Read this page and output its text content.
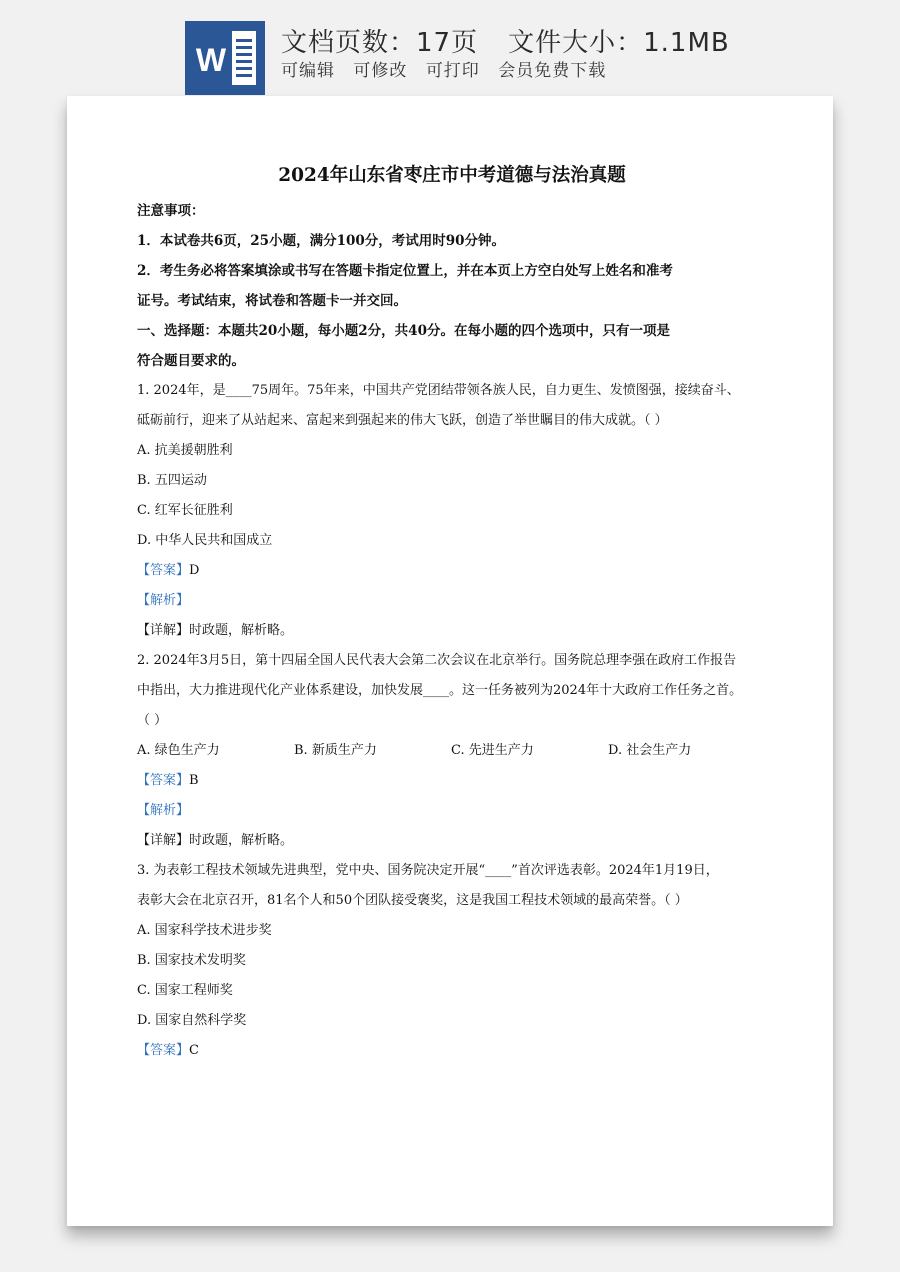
W 文档页数：17页 文件大小：1.1MB
可编辑 可修改 可打印 会员免费下载
2024年山东省枣庄市中考道德与法治真题
注意事项：
1．本试卷共6页，25小题，满分100分，考试用时90分钟。
2．考生务必将答案填涂或书写在答题卡指定位置上，并在本页上方空白处写上姓名和准考
证号。考试结束，将试卷和答题卡一并交回。
一、选择题：本题共20小题，每小题2分，共40分。在每小题的四个选项中，只有一项是
符合题目要求的。
1. 2024年，是____75周年。75年来，中国共产党团结带领各族人民，自力更生、发愤图强，接续奋斗、
砥砺前行，迎来了从站起来、富起来到强起来的伟大飞跃，创造了举世瞩目的伟大成就。（ ）
A. 抗美援朝胜利
B. 五四运动
C. 红军长征胜利
D. 中华人民共和国成立
【答案】D
【解析】
【详解】时政题，解析略。
2. 2024年3月5日，第十四届全国人民代表大会第二次会议在北京举行。国务院总理李强在政府工作报告
中指出，大力推进现代化产业体系建设，加快发展____。这一任务被列为2024年十大政府工作任务之首。
（ ）
A. 绿色生产力	B. 新质生产力	C. 先进生产力	D. 社会生产力
【答案】B
【解析】
【详解】时政题，解析略。
3. 为表彰工程技术领域先进典型，党中央、国务院决定开展“____”首次评选表彰。2024年1月19日，
表彰大会在北京召开，81名个人和50个团队接受褒奖，这是我国工程技术领域的最高荣誉。（ ）
A. 国家科学技术进步奖
B. 国家技术发明奖
C. 国家工程师奖
D. 国家自然科学奖
【答案】C
